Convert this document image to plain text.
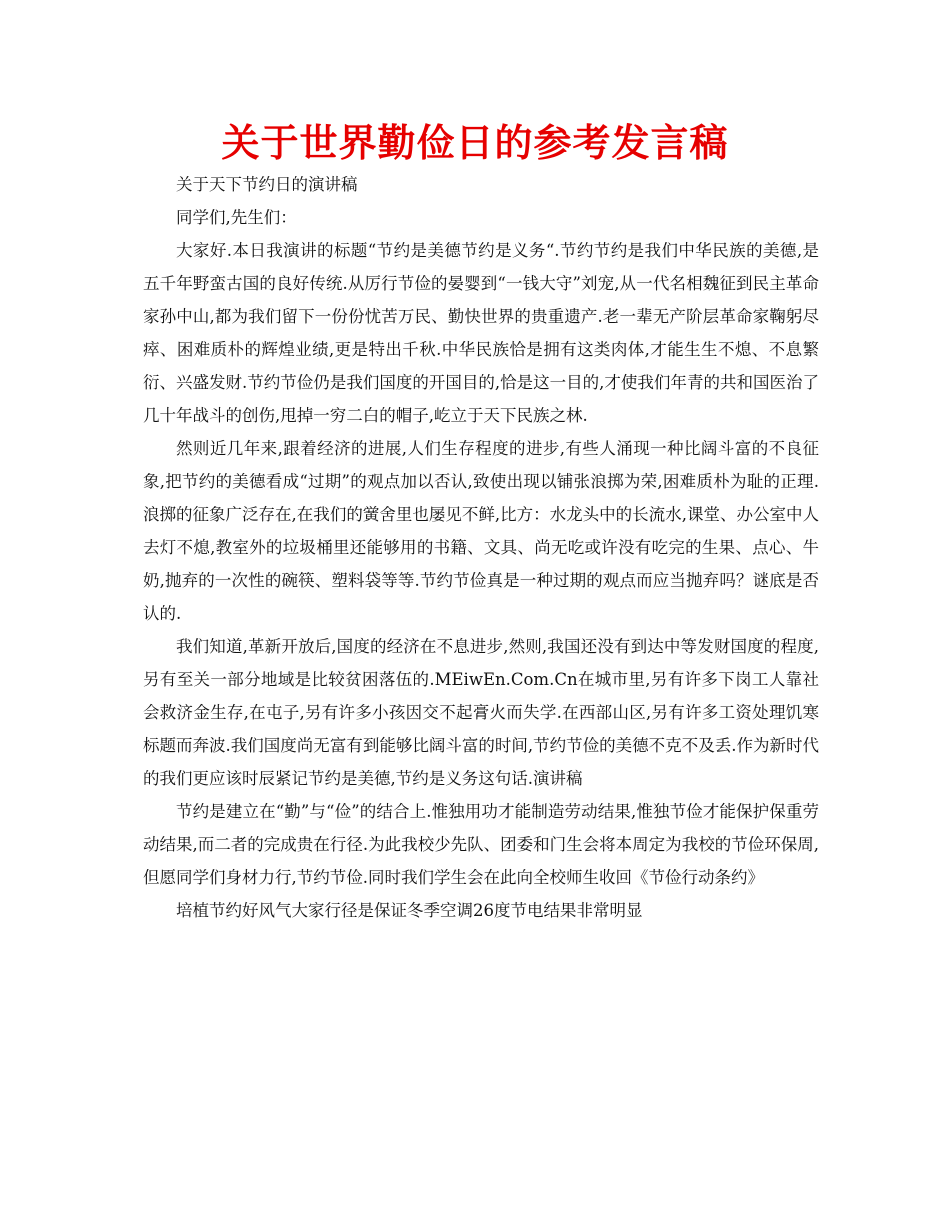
关于世界勤俭日的参考发言稿

关于天下节约日的演讲稿

同学们,先生们：

大家好.本日我演讲的标题“节约是美德节约是义务“.节约节约是我们中华民族的美德,是五千年野蛮古国的良好传统.从厉行节俭的晏婴到“一钱大守”刘宠,从一代名相魏征到民主革命家孙中山,都为我们留下一份份忧苦万民、勤快世界的贵重遗产.老一辈无产阶层革命家鞠躬尽瘁、困难质朴的辉煌业绩,更是特出千秋.中华民族恰是拥有这类肉体,才能生生不熄、不息繁衍、兴盛发财.节约节俭仍是我们国度的开国目的,恰是这一目的,才使我们年青的共和国医治了几十年战斗的创伤,甩掉一穷二白的帽子,屹立于天下民族之林.

然则近几年来,跟着经济的进展,人们生存程度的进步,有些人涌现一种比阔斗富的不良征象,把节约的美德看成“过期”的观点加以否认,致使出现以铺张浪掷为荣,困难质朴为耻的正理.浪掷的征象广泛存在,在我们的黉舍里也屡见不鲜,比方：水龙头中的长流水,课堂、办公室中人去灯不熄,教室外的垃圾桶里还能够用的书籍、文具、尚无吃或许没有吃完的生果、点心、牛奶,抛弃的一次性的碗筷、塑料袋等等.节约节俭真是一种过期的观点而应当抛弃吗？谜底是否认的.

我们知道,革新开放后,国度的经济在不息进步,然则,我国还没有到达中等发财国度的程度,另有至关一部分地域是比较贫困落伍的.MEiwEn.Com.Cn在城市里,另有许多下岗工人靠社会救济金生存,在屯子,另有许多小孩因交不起膏火而失学.在西部山区,另有许多工资处理饥寒标题而奔波.我们国度尚无富有到能够比阔斗富的时间,节约节俭的美德不克不及丢.作为新时代的我们更应该时辰紧记节约是美德,节约是义务这句话.演讲稿

节约是建立在“勤”与“俭”的结合上.惟独用功才能制造劳动结果,惟独节俭才能保护保重劳动结果,而二者的完成贵在行径.为此我校少先队、团委和门生会将本周定为我校的节俭环保周,但愿同学们身材力行,节约节俭.同时我们学生会在此向全校师生收回《节俭行动条约》

培植节约好风气大家行径是保证冬季空调26度节电结果非常明显
